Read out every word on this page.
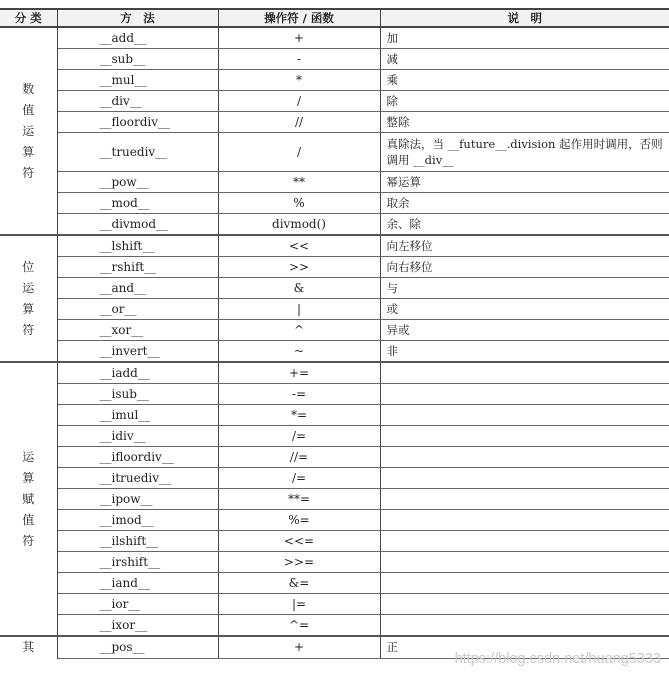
分 类	方　法	操作符 / 函数	说　明
数值运算符	__add__	+	加
	__sub__	-	减
	__mul__	*	乘
	__div__	/	除
	__floordiv__	//	整除
	__truediv__	/	真除法，当 __future__.division 起作用时调用，否则调用 __div__
	__pow__	**	幂运算
	__mod__	%	取余
	__divmod__	divmod()	余、除
位运算符	__lshift__	<<	向左移位
	__rshift__	>>	向右移位
	__and__	&	与
	__or__	|	或
	__xor__	^	异或
	__invert__	~	非
运算赋值符	__iadd__	+=	
	__isub__	-=	
	__imul__	*=	
	__idiv__	/=	
	__ifloordiv__	//=	
	__itruediv__	/=	
	__ipow__	**=	
	__imod__	%=	
	__ilshift__	<<=	
	__irshift__	>>=	
	__iand__	&=	
	__ior__	|=	
	__ixor__	^=	
其	__pos__	+	正
https://blog.csdn.net/huang5333
